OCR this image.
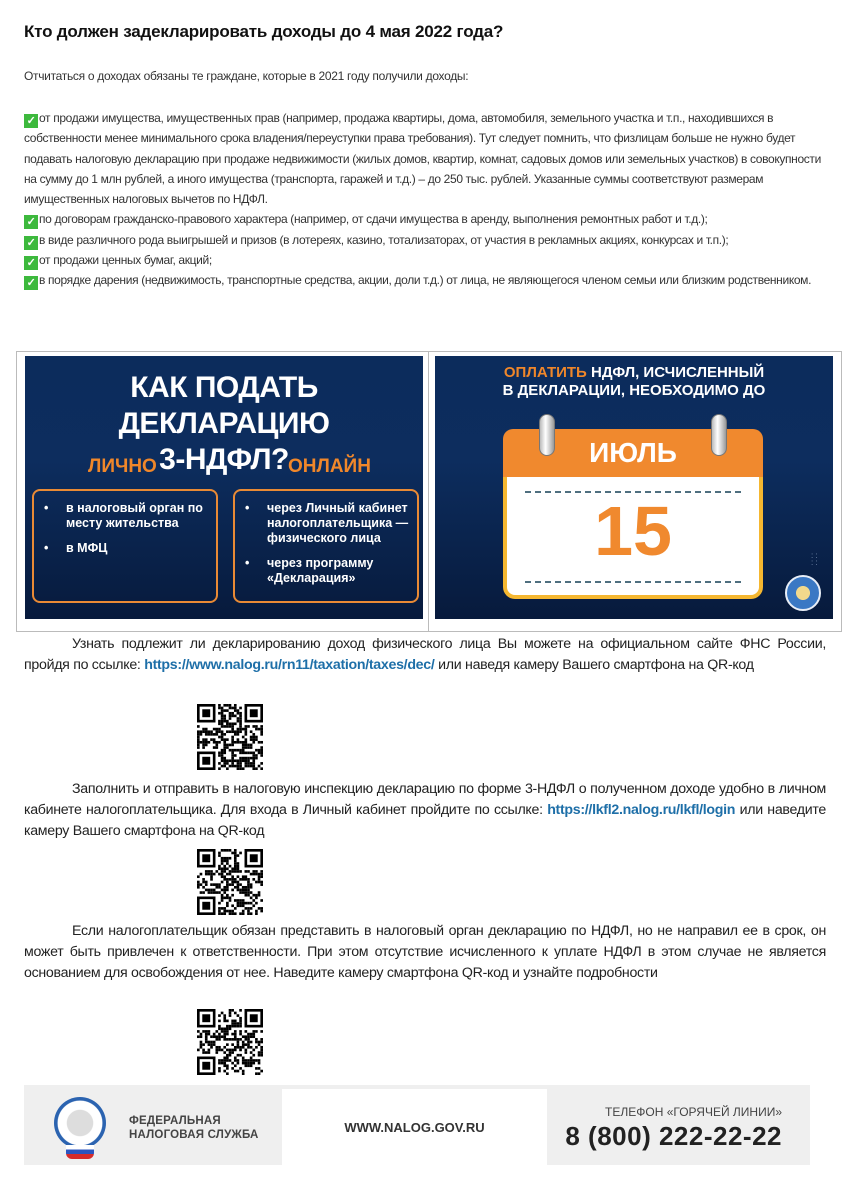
Кто должен задекларировать доходы до 4 мая 2022 года?
Отчитаться о доходах обязаны те граждане, которые в 2021 году получили доходы:

✓ от продажи имущества, имущественных прав (например, продажа квартиры, дома, автомобиля, земельного участка и т.п., находившихся в собственности менее минимального срока владения/переуступки права требования). Тут следует помнить, что физлицам больше не нужно будет подавать налоговую декларацию при продаже недвижимости (жилых домов, квартир, комнат, садовых домов или земельных участков) в совокупности на сумму до 1 млн рублей, а иного имущества (транспорта, гаражей и т.д.) – до 250 тыс. рублей. Указанные суммы соответствуют размерам имущественных налоговых вычетов по НДФЛ.

✓ по договорам гражданско-правового характера (например, от сдачи имущества в аренду, выполнения ремонтных работ и т.д.);

✓ в виде различного рода выигрышей и призов (в лотереях, казино, тотализаторах, от участия в рекламных акциях, конкурсах и т.п.);

✓ от продажи ценных бумаг, акций;

✓ в порядке дарения (недвижимость, транспортные средства, акции, доли т.д.) от лица, не являющегося членом семьи или близким родственником.

КАК ПОДАТЬ ДЕКЛАРАЦИЮ
3-НДФЛ?
ЛИЧНО	ОНЛАЙН
•	в налоговый орган по месту жительства
•	в МФЦ
•	через Личный кабинет налогоплательщика — физического лица
•	через программу «Декларация»
ОПЛАТИТЬ НДФЛ, ИСЧИСЛЕННЫЙ
В ДЕКЛАРАЦИИ, НЕОБХОДИМО ДО
ИЮЛЬ
15	: :
: :
Узнать подлежит ли декларированию доход физического лица Вы можете на официальном сайте ФНС России, пройдя по ссылке: https://www.nalog.ru/rn11/taxation/taxes/dec/ или наведя камеру Вашего смартфона на QR-код
Заполнить и отправить в налоговую инспекцию декларацию по форме 3-НДФЛ о полученном доходе удобно в личном кабинете налогоплательщика. Для входа в Личный кабинет пройдите по ссылке: https://lkfl2.nalog.ru/lkfl/login или наведите камеру Вашего смартфона на QR-код
Если налогоплательщик обязан представить в налоговый орган декларацию по НДФЛ, но не направил ее в срок, он может быть привлечен к ответственности. При этом отсутствие исчисленного к уплате НДФЛ в этом случае не является основанием для освобождения от нее. Наведите камеру смартфона QR-код и узнайте подробности
ФЕДЕРАЛЬНАЯ
НАЛОГОВАЯ СЛУЖБА	WWW.NALOG.GOV.RU
ТЕЛЕФОН «ГОРЯЧЕЙ ЛИНИИ»
8 (800) 222-22-22
